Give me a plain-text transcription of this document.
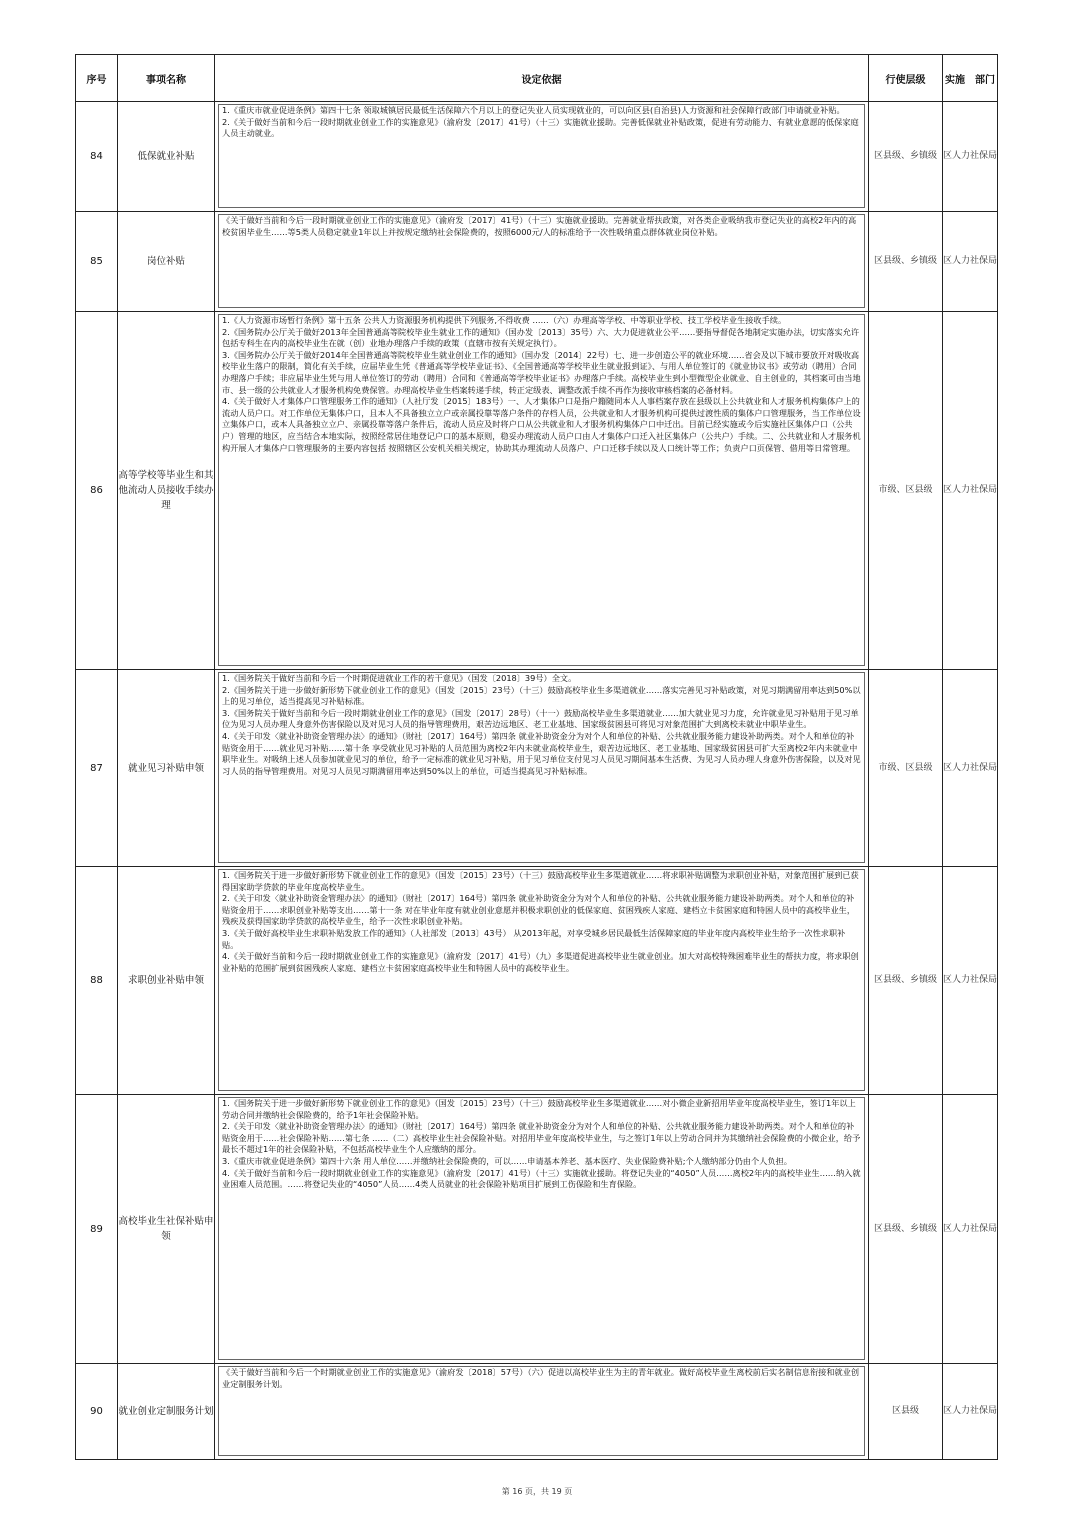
序号	事项名称	设定依据	行使层级	实施　部门
84	低保就业补贴	1.《重庆市就业促进条例》第四十七条 领取城镇居民最低生活保障六个月以上的登记失业人员实现就业的，可以向区县(自治县)人力资源和社会保障行政部门申请就业补贴。
2.《关于做好当前和今后一段时期就业创业工作的实施意见》（渝府发〔2017〕41号）（十三）实施就业援助。完善低保就业补贴政策，促进有劳动能力、有就业意愿的低保家庭人员主动就业。	区县级、乡镇级	区人力社保局
85	岗位补贴	《关于做好当前和今后一段时期就业创业工作的实施意见》（渝府发〔2017〕41号）（十三）实施就业援助。完善就业帮扶政策，对各类企业吸纳我市登记失业的高校2年内的高校贫困毕业生……等5类人员稳定就业1年以上并按规定缴纳社会保险费的，按照6000元/人的标准给予一次性吸纳重点群体就业岗位补贴。	区县级、乡镇级	区人力社保局
86	高等学校等毕业生和其他流动人员接收手续办理	1.《人力资源市场暂行条例》第十五条 公共人力资源服务机构提供下列服务,不得收费 ……（六）办理高等学校、中等职业学校、技工学校毕业生接收手续。
2.《国务院办公厅关于做好2013年全国普通高等院校毕业生就业工作的通知》（国办发〔2013〕35号）六、大力促进就业公平……要指导督促各地制定实施办法，切实落实允许包括专科生在内的高校毕业生在就（创）业地办理落户手续的政策（直辖市按有关规定执行）。
3.《国务院办公厅关于做好2014年全国普通高等院校毕业生就业创业工作的通知》（国办发〔2014〕22号）七、进一步创造公平的就业环境……省会及以下城市要放开对吸收高校毕业生落户的限制，简化有关手续，应届毕业生凭《普通高等学校毕业证书》、《全国普通高等学校毕业生就业报到证》、与用人单位签订的《就业协议书》或劳动（聘用）合同办理落户手续；非应届毕业生凭与用人单位签订的劳动（聘用）合同和《普通高等学校毕业证书》办理落户手续。高校毕业生到小型微型企业就业、自主创业的，其档案可由当地市、县一级的公共就业人才服务机构免费保管。办理高校毕业生档案转递手续，转正定级表、调整改派手续不再作为接收审核档案的必备材料。
4.《关于做好人才集体户口管理服务工作的通知》（人社厅发〔2015〕183号）一、人才集体户口是指户籍随同本人人事档案存放在县级以上公共就业和人才服务机构集体户上的流动人员户口。对工作单位无集体户口，且本人不具备独立立户或亲属投靠等落户条件的存档人员，公共就业和人才服务机构可提供过渡性质的集体户口管理服务，当工作单位设立集体户口，或本人具备独立立户、亲属投靠等落户条件后，流动人员应及时将户口从公共就业和人才服务机构集体户口中迁出。目前已经实施或今后实施社区集体户口（公共户）管理的地区，应当结合本地实际，按照经常居住地登记户口的基本原则，稳妥办理流动人员户口由人才集体户口迁入社区集体户（公共户）手续。二、公共就业和人才服务机构开展人才集体户口管理服务的主要内容包括 按照辖区公安机关相关规定，协助其办理流动人员落户、户口迁移手续以及人口统计等工作；负责户口页保管、借用等日常管理。	市级、区县级	区人力社保局
87	就业见习补贴申领	1.《国务院关于做好当前和今后一个时期促进就业工作的若干意见》（国发〔2018〕39号）全文。
2.《国务院关于进一步做好新形势下就业创业工作的意见》（国发〔2015〕23号）（十三）鼓励高校毕业生多渠道就业……落实完善见习补贴政策，对见习期满留用率达到50%以上的见习单位，适当提高见习补贴标准。
3.《国务院关于做好当前和今后一段时期就业创业工作的意见》（国发〔2017〕28号）（十一）鼓励高校毕业生多渠道就业……加大就业见习力度，允许就业见习补贴用于见习单位为见习人员办理人身意外伤害保险以及对见习人员的指导管理费用，艰苦边远地区、老工业基地、国家级贫困县可将见习对象范围扩大到离校未就业中职毕业生。
4.《关于印发〈就业补助资金管理办法〉的通知》（财社〔2017〕164号）第四条 就业补助资金分为对个人和单位的补贴、公共就业服务能力建设补助两类。对个人和单位的补贴资金用于……就业见习补贴……第十条 享受就业见习补贴的人员范围为离校2年内未就业高校毕业生，艰苦边远地区、老工业基地、国家级贫困县可扩大至离校2年内未就业中职毕业生。对吸纳上述人员参加就业见习的单位，给予一定标准的就业见习补贴，用于见习单位支付见习人员见习期间基本生活费、为见习人员办理人身意外伤害保险，以及对见习人员的指导管理费用。对见习人员见习期满留用率达到50%以上的单位，可适当提高见习补贴标准。	市级、区县级	区人力社保局
88	求职创业补贴申领	1.《国务院关于进一步做好新形势下就业创业工作的意见》（国发〔2015〕23号）（十三）鼓励高校毕业生多渠道就业……将求职补贴调整为求职创业补贴，对象范围扩展到已获得国家助学贷款的毕业年度高校毕业生。
2.《关于印发〈就业补助资金管理办法〉的通知》（财社〔2017〕164号）第四条 就业补助资金分为对个人和单位的补贴、公共就业服务能力建设补助两类。对个人和单位的补贴资金用于……求职创业补贴等支出……第十一条 对在毕业年度有就业创业意愿并积极求职创业的低保家庭、贫困残疾人家庭、建档立卡贫困家庭和特困人员中的高校毕业生，残疾及获得国家助学贷款的高校毕业生，给予一次性求职创业补贴。
3.《关于做好高校毕业生求职补贴发放工作的通知》（人社部发〔2013〕43号） 从2013年起，对享受城乡居民最低生活保障家庭的毕业年度内高校毕业生给予一次性求职补贴。
4.《关于做好当前和今后一段时期就业创业工作的实施意见》（渝府发〔2017〕41号）（九）多渠道促进高校毕业生就业创业。加大对高校特殊困难毕业生的帮扶力度，将求职创业补贴的范围扩展到贫困残疾人家庭、建档立卡贫困家庭高校毕业生和特困人员中的高校毕业生。	区县级、乡镇级	区人力社保局
89	高校毕业生社保补贴申领	1.《国务院关于进一步做好新形势下就业创业工作的意见》（国发〔2015〕23号）（十三）鼓励高校毕业生多渠道就业……对小微企业新招用毕业年度高校毕业生，签订1年以上劳动合同并缴纳社会保险费的，给予1年社会保险补贴。
2.《关于印发〈就业补助资金管理办法〉的通知》（财社〔2017〕164号）第四条 就业补助资金分为对个人和单位的补贴、公共就业服务能力建设补助两类。对个人和单位的补贴资金用于……社会保险补贴……第七条 ……（二）高校毕业生社会保险补贴。对招用毕业年度高校毕业生，与之签订1年以上劳动合同并为其缴纳社会保险费的小微企业，给予最长不超过1年的社会保险补贴，不包括高校毕业生个人应缴纳的部分。
3.《重庆市就业促进条例》第四十六条 用人单位……并缴纳社会保险费的，可以……申请基本养老、基本医疗、失业保险费补贴;个人缴纳部分仍由个人负担。
4.《关于做好当前和今后一段时期就业创业工作的实施意见》（渝府发〔2017〕41号）（十三）实施就业援助。将登记失业的“4050”人员……离校2年内的高校毕业生……纳入就业困难人员范围。……将登记失业的“4050”人员……4类人员就业的社会保险补贴项目扩展到工伤保险和生育保险。	区县级、乡镇级	区人力社保局
90	就业创业定制服务计划	《关于做好当前和今后一个时期就业创业工作的实施意见》（渝府发〔2018〕57号）（六）促进以高校毕业生为主的青年就业。做好高校毕业生离校前后实名制信息衔接和就业创业定制服务计划。	区县级	区人力社保局
第 16 页，共 19 页
